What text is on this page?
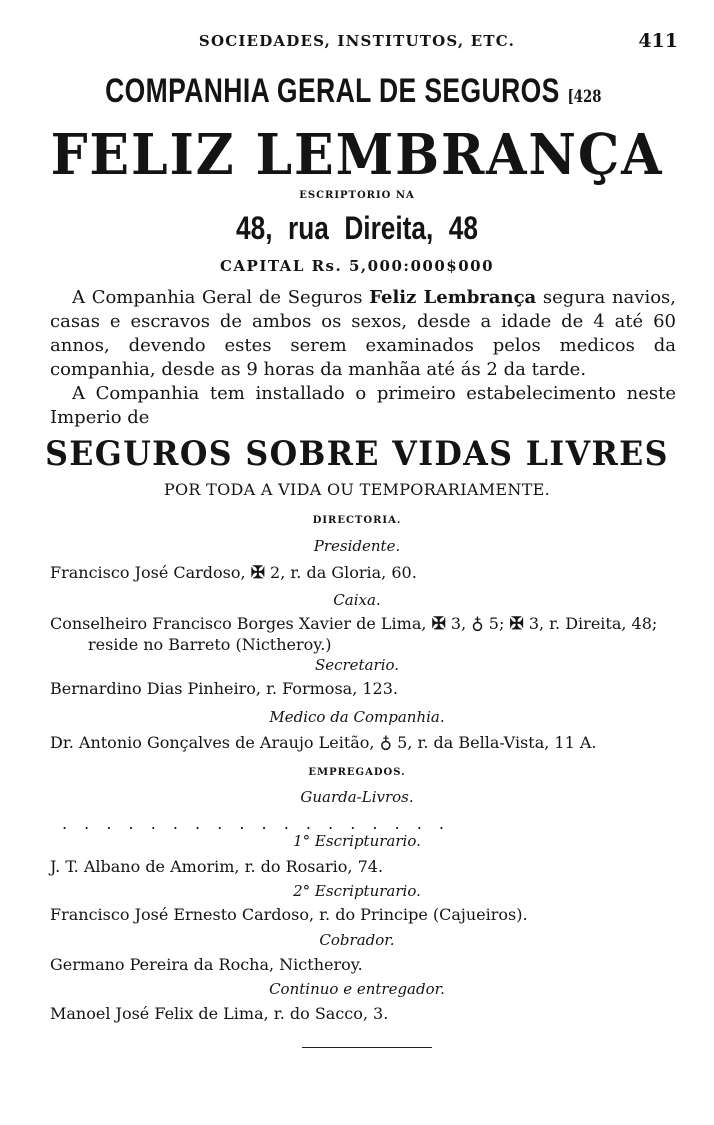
SOCIEDADES, INSTITUTOS, ETC.	411
COMPANHIA GERAL DE SEGUROS [428
FELIZ LEMBRANÇA
ESCRIPTORIO NA
48, rua Direita, 48
CAPITAL Rs. 5,000:000$000
A Companhia Geral de Seguros Feliz Lembrança segura navios, casas e escravos de ambos os sexos, desde a idade de 4 até 60 annos, devendo estes serem examinados pelos medicos da companhia, desde as 9 horas da manhãa até ás 2 da tarde.
A Companhia tem installado o primeiro estabelecimento neste Imperio de
SEGUROS SOBRE VIDAS LIVRES
POR TODA A VIDA OU TEMPORARIAMENTE.
DIRECTORIA.
Presidente.
Francisco José Cardoso, ✠ 2, r. da Gloria, 60.
Caixa.
Conselheiro Francisco Borges Xavier de Lima, ✠ 3, ♁ 5; ✠ 3, r. Direita, 48;
reside no Barreto (Nictheroy.)
Secretario.
Bernardino Dias Pinheiro, r. Formosa, 123.
Medico da Companhia.
Dr. Antonio Gonçalves de Araujo Leitão, ♁ 5, r. da Bella-Vista, 11 A.
EMPREGADOS.
Guarda-Livros.
. . . . . . . . . . . . . . . . . .
1° Escripturario.
J. T. Albano de Amorim, r. do Rosario, 74.
2° Escripturario.
Francisco José Ernesto Cardoso, r. do Principe (Cajueiros).
Cobrador.
Germano Pereira da Rocha, Nictheroy.
Continuo e entregador.
Manoel José Felix de Lima, r. do Sacco, 3.
